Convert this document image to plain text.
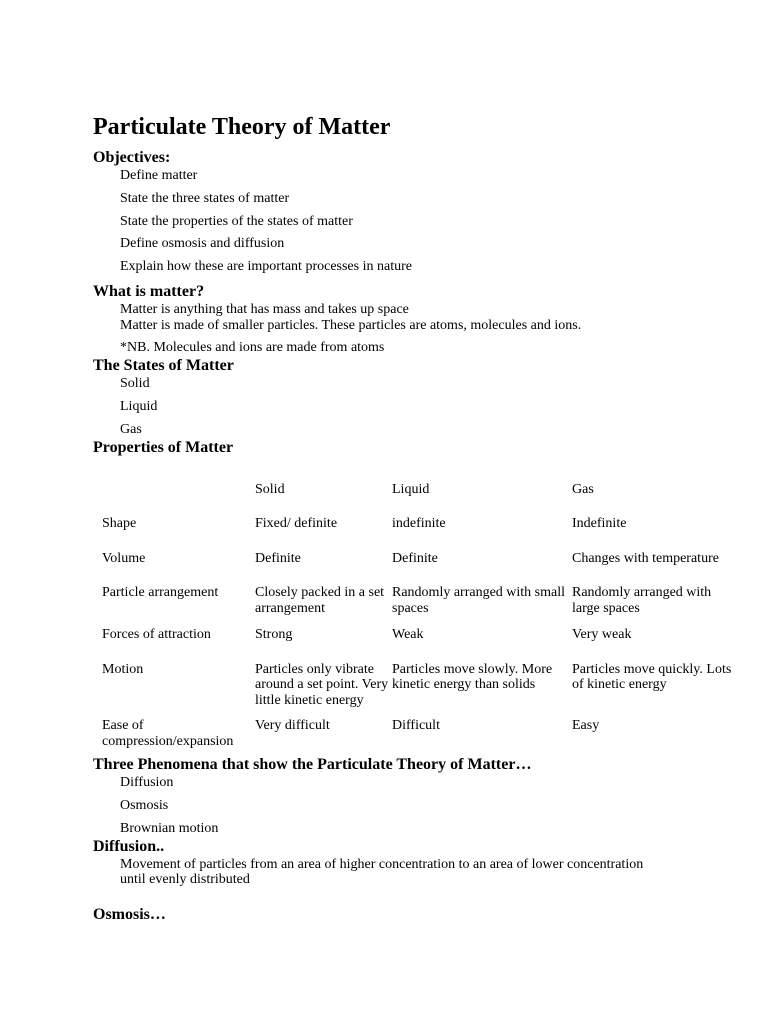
Particulate Theory of Matter
Objectives:
Define matter
State the three states of matter
State the properties of the states of matter
Define osmosis and diffusion
Explain how these are important processes in nature
What is matter?
Matter is anything that has mass and takes up space
Matter is made of smaller particles. These particles are atoms, molecules and ions.
*NB. Molecules and ions are made from atoms
The States of Matter
Solid
Liquid
Gas
Properties of Matter
	Solid	Liquid	Gas
Shape	Fixed/ definite	indefinite	Indefinite
Volume	Definite	Definite	Changes with temperature
Particle arrangement	Closely packed in a set arrangement	Randomly arranged with small spaces	Randomly arranged with large spaces
Forces of attraction	Strong	Weak	Very weak
Motion	Particles only vibrate around a set point. Very little kinetic energy	Particles move slowly. More kinetic energy than solids	Particles move quickly. Lots of kinetic energy
Ease of compression/expansion	Very difficult	Difficult	Easy
Three Phenomena that show the Particulate Theory of Matter…
Diffusion
Osmosis
Brownian motion
Diffusion..
Movement of particles from an area of higher concentration to an area of lower concentration until evenly distributed
Osmosis…
